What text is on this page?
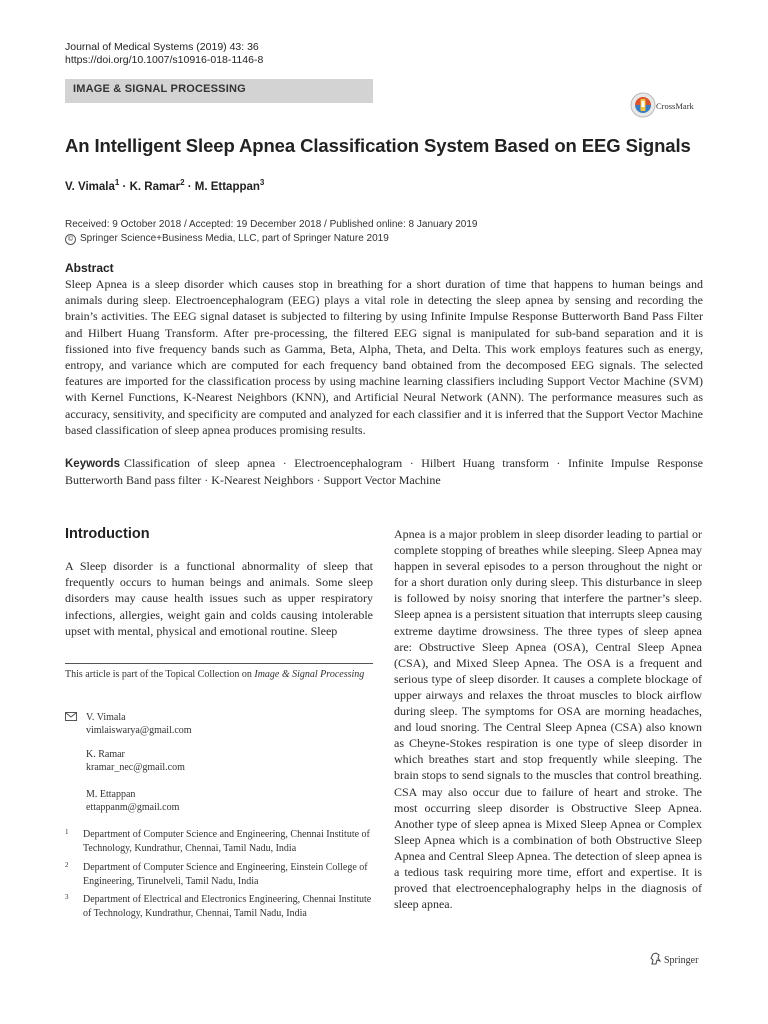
Journal of Medical Systems (2019) 43: 36
https://doi.org/10.1007/s10916-018-1146-8
IMAGE & SIGNAL PROCESSING
CrossMark
An Intelligent Sleep Apnea Classification System Based on EEG Signals
V. Vimala$^1$ · K. Ramar$^2$ · M. Ettappan$^3$
Received: 9 October 2018 / Accepted: 19 December 2018 / Published online: 8 January 2019
© Springer Science+Business Media, LLC, part of Springer Nature 2019
Abstract
Sleep Apnea is a sleep disorder which causes stop in breathing for a short duration of time that happens to human beings and animals during sleep. Electroencephalogram (EEG) plays a vital role in detecting the sleep apnea by sensing and recording the brain’s activities. The EEG signal dataset is subjected to filtering by using Infinite Impulse Response Butterworth Band Pass Filter and Hilbert Huang Transform. After pre-processing, the filtered EEG signal is manipulated for sub-band separation and it is fissioned into five frequency bands such as Gamma, Beta, Alpha, Theta, and Delta. This work employs features such as energy, entropy, and variance which are computed for each frequency band obtained from the decomposed EEG signals. The selected features are imported for the classification process by using machine learning classifiers including Support Vector Machine (SVM) with Kernel Functions, K-Nearest Neighbors (KNN), and Artificial Neural Network (ANN). The performance measures such as accuracy, sensitivity, and specificity are computed and analyzed for each classifier and it is inferred that the Support Vector Machine based classification of sleep apnea produces promising results.
Keywords Classification of sleep apnea · Electroencephalogram · Hilbert Huang transform · Infinite Impulse Response Butterworth Band pass filter · K-Nearest Neighbors · Support Vector Machine
Introduction
A Sleep disorder is a functional abnormality of sleep that frequently occurs to human beings and animals. Some sleep disorders may cause health issues such as upper respiratory infections, allergies, weight gain and colds causing intolerable upset with mental, physical and emotional routine. Sleep
This article is part of the Topical Collection on Image & Signal Processing
V. Vimala
vimlaiswarya@gmail.com
K. Ramar
kramar_nec@gmail.com
M. Ettappan
ettappanm@gmail.com
1 Department of Computer Science and Engineering, Chennai Institute of Technology, Kundrathur, Chennai, Tamil Nadu, India
2 Department of Computer Science and Engineering, Einstein College of Engineering, Tirunelveli, Tamil Nadu, India
3 Department of Electrical and Electronics Engineering, Chennai Institute of Technology, Kundrathur, Chennai, Tamil Nadu, India
Apnea is a major problem in sleep disorder leading to partial or complete stopping of breathes while sleeping. Sleep Apnea may happen in several episodes to a person throughout the night or for a short duration only during sleep. This disturbance in sleep is followed by noisy snoring that interfere the partner’s sleep. Sleep apnea is a persistent situation that interrupts sleep causing extreme daytime drowsiness. The three types of sleep apnea are: Obstructive Sleep Apnea (OSA), Central Sleep Apnea (CSA), and Mixed Sleep Apnea. The OSA is a frequent and serious type of sleep disorder. It causes a complete blockage of upper airways and relaxes the throat muscles to block airflow during sleep. The symptoms for OSA are morning headaches, and loud snoring. The Central Sleep Apnea (CSA) also known as Cheyne-Stokes respiration is one type of sleep disorder in which breathes start and stop frequently while sleeping. The brain stops to send signals to the muscles that control breathing. CSA may also occur due to failure of heart and stroke. The most occurring sleep disorder is Obstructive Sleep Apnea. Another type of sleep apnea is Mixed Sleep Apnea or Complex Sleep Apnea which is a combination of both Obstructive Sleep Apnea and Central Sleep Apnea. The detection of sleep apnea is a tedious task requiring more time, effort and expertise. It is proved that electroencephalography helps in the diagnosis of sleep apnea.
Springer
